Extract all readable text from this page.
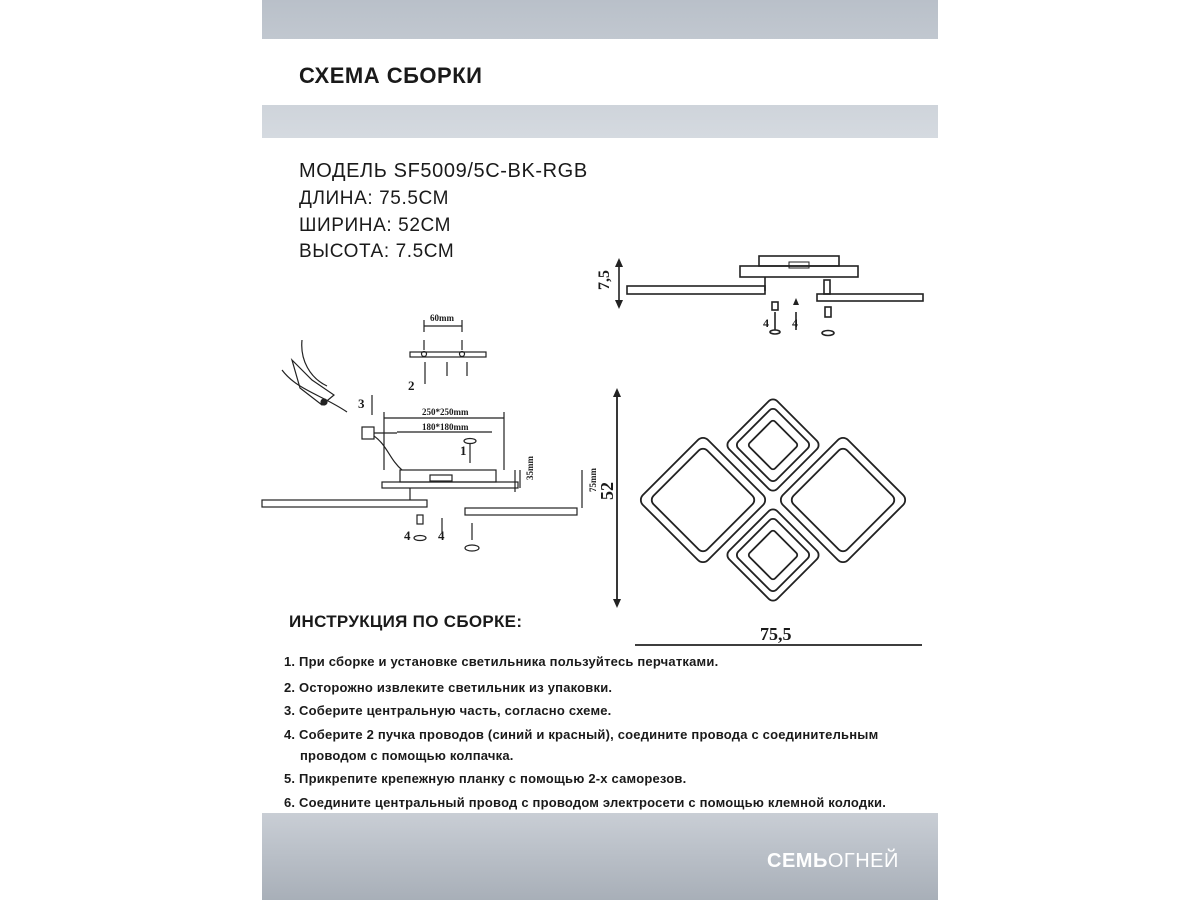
СХЕМА СБОРКИ
МОДЕЛЬ SF5009/5C-BK-RGB
ДЛИНА: 75.5СМ
ШИРИНА: 52СМ
ВЫСОТА: 7.5СМ
7,5
52
75,5
60mm
250*250mm
180*180mm
35mm	75mm
1
2
3
4 4
4 4
ИНСТРУКЦИЯ ПО СБОРКЕ:
1. При сборке и установке светильника пользуйтесь перчатками.
2. Осторожно извлеките светильник из упаковки.
3. Соберите центральную часть, согласно схеме.
4. Соберите 2 пучка проводов (синий и красный), соедините провода с соединительным
проводом с помощью колпачка.
5. Прикрепите крепежную планку с помощью 2-х саморезов.
6. Соедините центральный провод с проводом электросети с помощью клемной колодки.
СЕМЬОГНЕЙ
